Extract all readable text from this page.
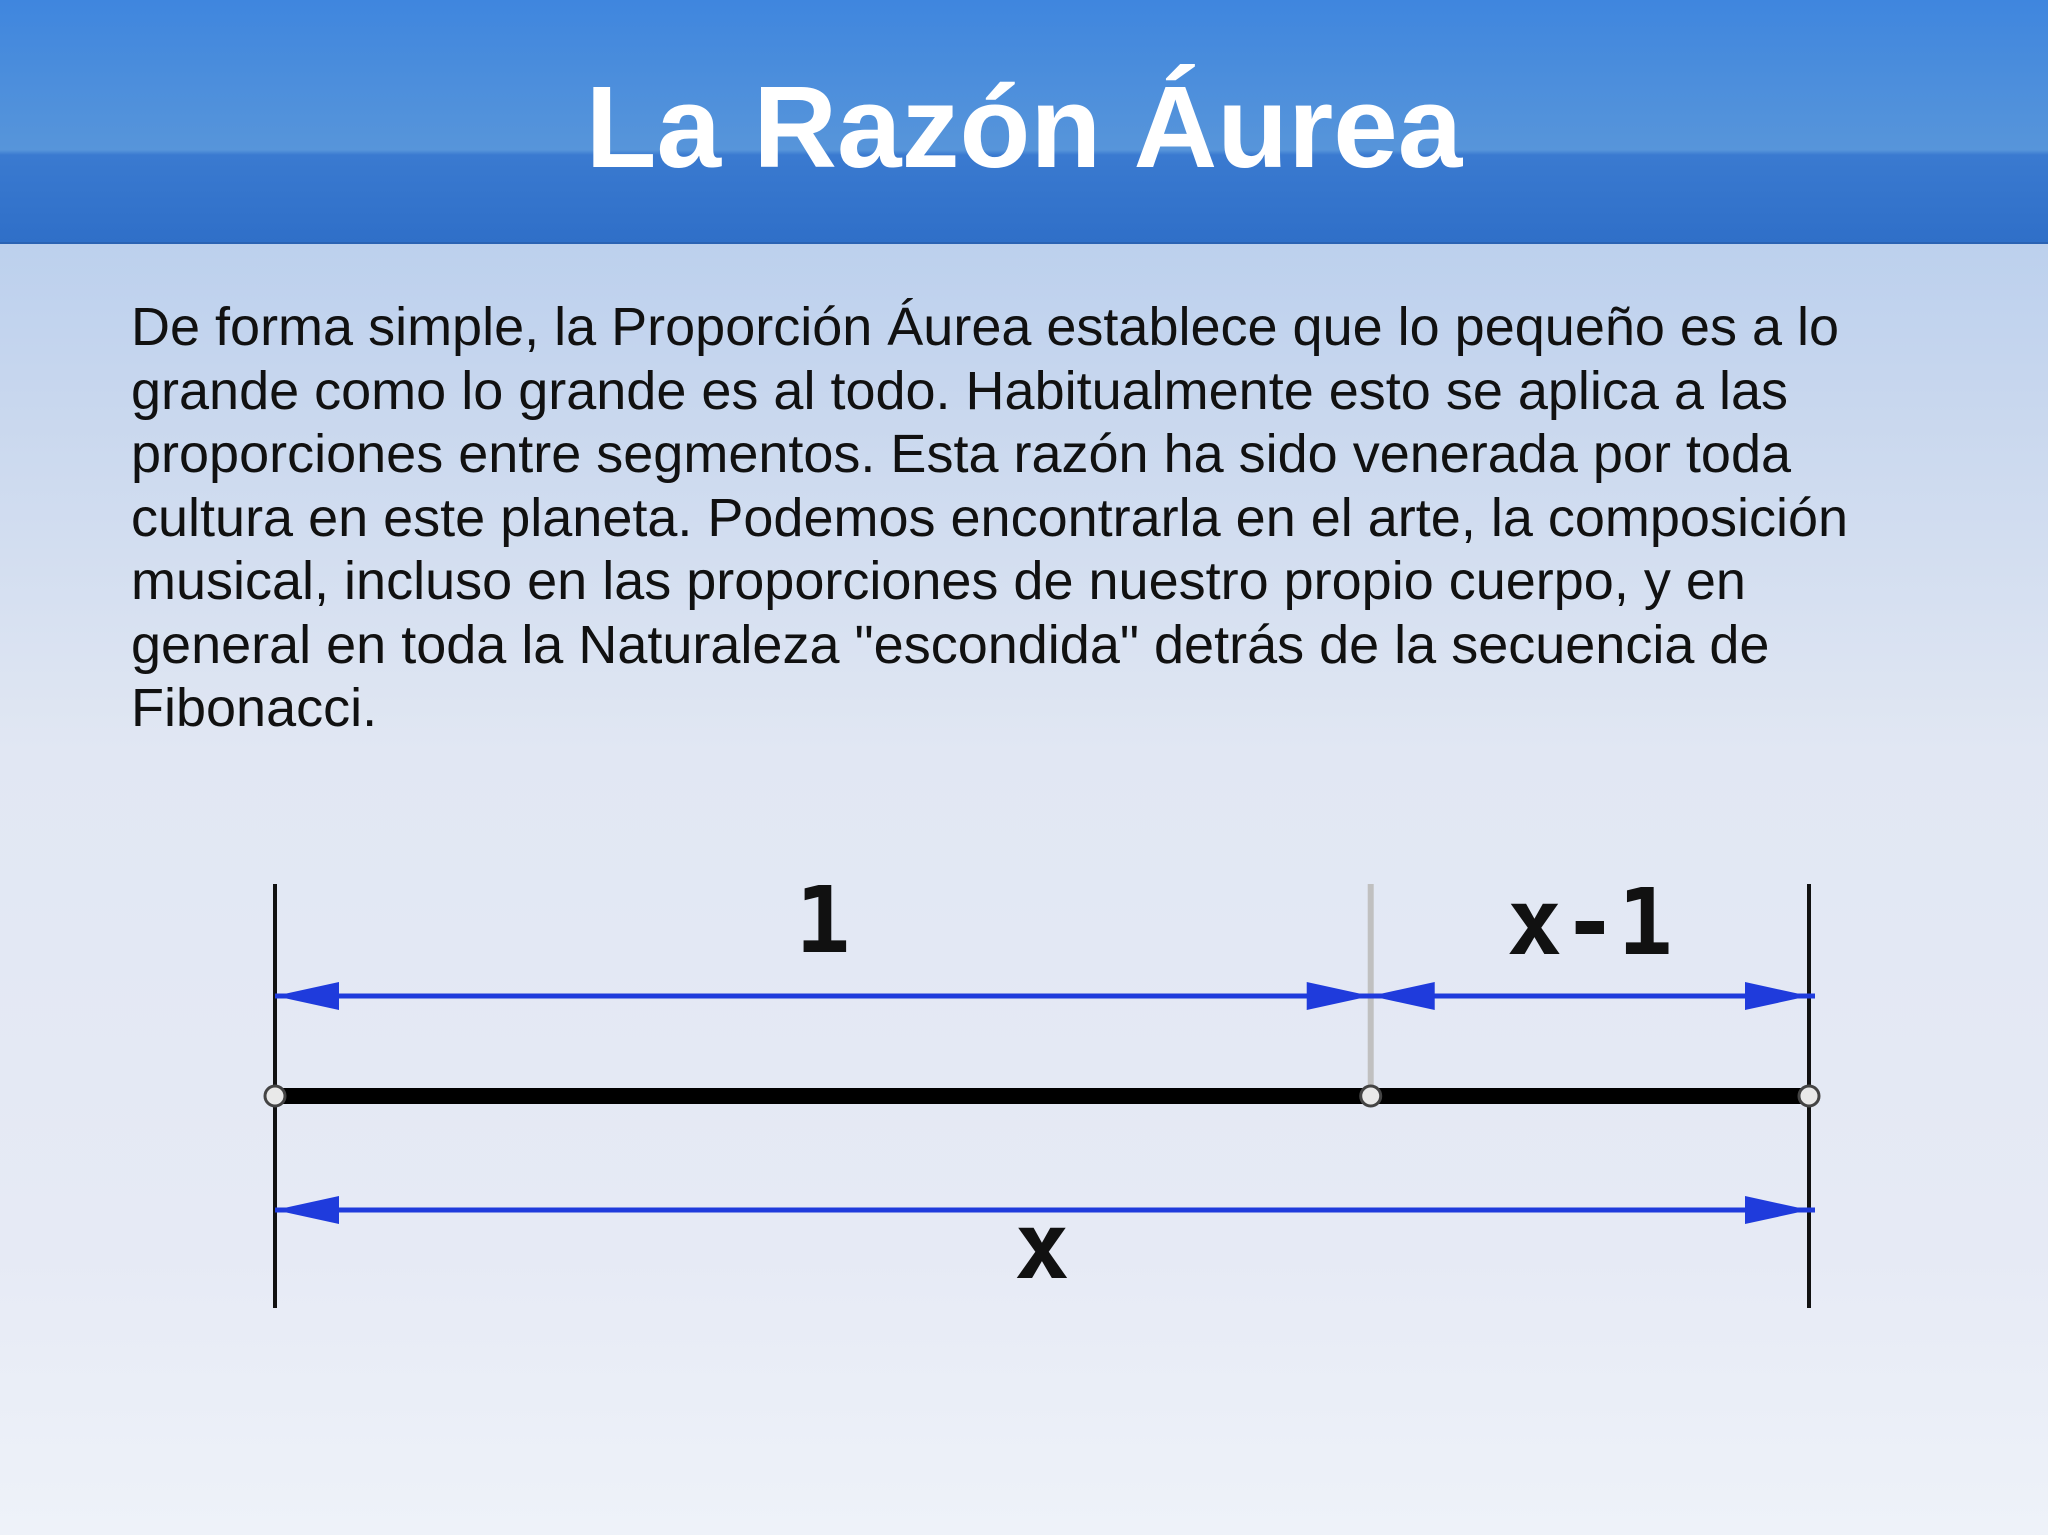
La Razón Áurea

De forma simple, la Proporción Áurea establece que lo pequeño es a lo grande como lo grande es al todo. Habitualmente esto se aplica a las proporciones entre segmentos. Esta razón ha sido venerada por toda cultura en este planeta. Podemos encontrarla en el arte, la composición musical, incluso en las proporciones de nuestro propio cuerpo, y en general en toda la Naturaleza "escondida" detrás de la secuencia de Fibonacci.

1	x-1
x
